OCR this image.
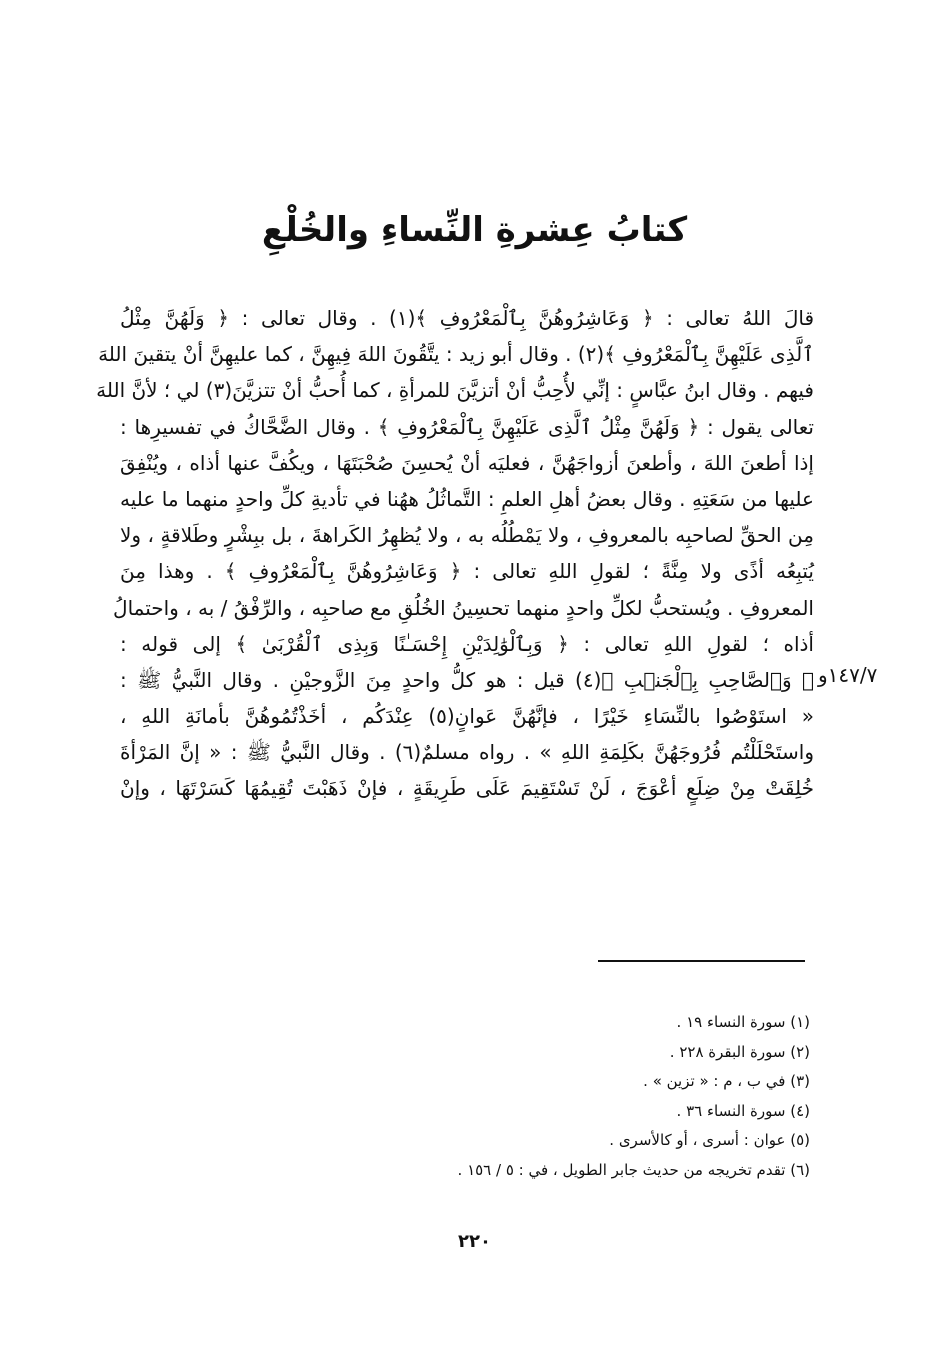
كتابُ عِشرةِ النِّساءِ والخُلْعِ
قالَ اللهُ تعالى : ﴿ وَعَاشِرُوهُنَّ بِٱلْمَعْرُوفِ ﴾(١) . وقال تعالى : ﴿ وَلَهُنَّ مِثْلُ
ٱلَّذِى عَلَيْهِنَّ بِٱلْمَعْرُوفِ ﴾(٢) . وقال أبو زيد : يتَّقُونَ اللهَ فِيهِنَّ ، كما عليهِنَّ أنْ يتقينَ اللهَ
فيهم . وقال ابنُ عبَّاسٍ : إنِّي لأُحِبُّ أنْ أتزيَّنَ للمرأةِ ، كما أُحبُّ أنْ تتزيَّنَ(٣) لي ؛ لأنَّ اللهَ
تعالى يقول : ﴿ وَلَهُنَّ مِثْلُ ٱلَّذِى عَلَيْهِنَّ بِٱلْمَعْرُوفِ ﴾ . وقال الضَّحَّاكُ في تفسيرِها :
إذا أطعنَ اللهَ ، وأطعنَ أزواجَهُنَّ ، فعليَه أنْ يُحسِنَ صُحْبَتَهَا ، ويكُفَّ عنها أذاه ، ويُنْفِقَ
عليها من سَعَتِهِ . وقال بعضُ أهلِ العلمِ : التَّماثُلُ ههُنا في تأديةِ كلِّ واحدٍ منهما ما عليه
مِن الحقِّ لصاحبِه بالمعروفِ ، ولا يَمْطُلُه به ، ولا يُظهِرُ الكَراهةَ ، بل ببِشْرٍ وطَلاقةٍ ، ولا
يُتبِعُه أذًى ولا مِنَّةً ؛ لقولِ اللهِ تعالى : ﴿ وَعَاشِرُوهُنَّ بِٱلْمَعْرُوفِ ﴾ . وهذا مِنَ
المعروفِ . ويُستحبُّ لكلِّ واحدٍ منهما تحسِينُ الخُلُقِ مع صاحبِه ، والرِّفْقُ / به ، واحتمالُ
أذاه ؛ لقولِ اللهِ تعالى : ﴿ وَبِٱلْوَٰلِدَيْنِ إِحْسَـٰنًا وَبِذِى ٱلْقُرْبَىٰ ﴾ إلى قوله :
﴿ وَٱلصَّاحِبِ بِٱلْجَنۢبِ ﴾(٤) قيل : هو كلُّ واحدٍ مِنَ الزَّوجيْنِ . وقال النَّبيُّ ﷺ :
« استَوْصُوا بالنِّسَاءِ خَيْرًا ، فإنَّهُنَّ عَوانٍ(٥) عِنْدَكُم ، أخَذْتُمُوهُنَّ بأمانَةِ اللهِ ،
واستَحْلَلْتُم فُرُوجَهُنَّ بكَلِمَةِ اللهِ » . رواه مسلمٌ(٦) . وقال النَّبيُّ ﷺ : « إنَّ المَرْأةَ
خُلِقَتْ مِنْ ضِلَعٍ أعْوَجَ ، لَنْ تَسْتَقِيمَ عَلَى طَرِيقَةٍ ، فإنْ ذَهَبْتَ تُقِيمُهَا كَسَرْتَهَا ، وإنْ
١٤٧/٧و
(١) سورة النساء ١٩ .
(٢) سورة البقرة ٢٢٨ .
(٣) في ب ، م : « تزين » .
(٤) سورة النساء ٣٦ .
(٥) عوان : أسرى ، أو كالأسرى .
(٦) تقدم تخريجه من حديث جابر الطويل ، في : ٥ / ١٥٦ .
٢٢٠
